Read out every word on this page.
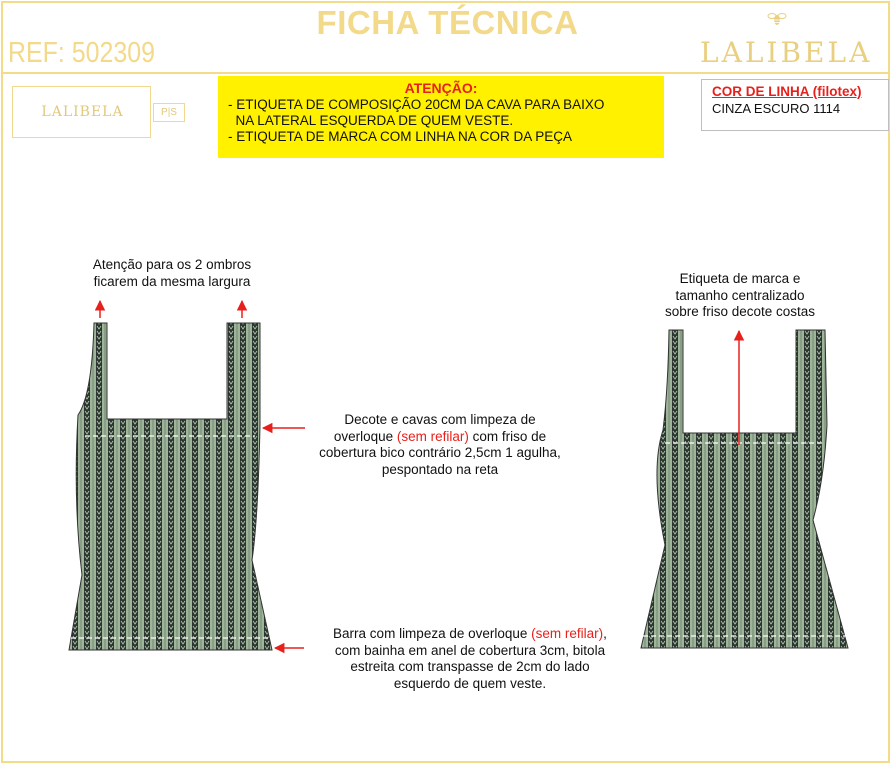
FICHA TÉCNICA
REF: 502309	LALIBELA
LALIBELA	P|S
ATENÇÃO:
- ETIQUETA DE COMPOSIÇÃO 20CM DA CAVA PARA BAIXO
NA LATERAL ESQUERDA DE QUEM VESTE.
- ETIQUETA DE MARCA COM LINHA NA COR DA PEÇA
COR DE LINHA (filotex)
CINZA ESCURO 1114
Atenção para os 2 ombros
ficarem da mesma largura	Etiqueta de marca e
tamanho centralizado
sobre friso decote costas
Decote e cavas com limpeza de
overloque (sem refilar) com friso de
cobertura bico contrário 2,5cm 1 agulha,
pespontado na reta
Barra com limpeza de overloque (sem refilar),
com bainha em anel de cobertura 3cm, bitola
estreita com transpasse de 2cm do lado
esquerdo de quem veste.
